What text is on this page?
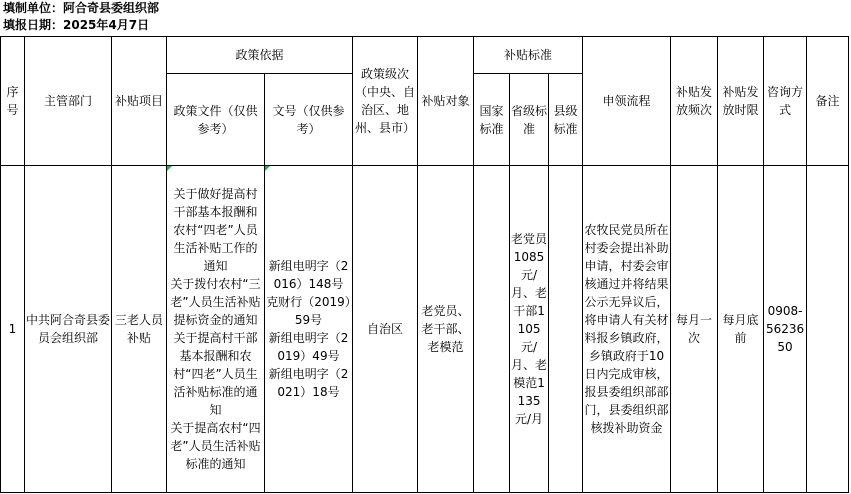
填制单位：阿合奇县委组织部
填报日期：2025年4月7日
序号	主管部门	补贴项目	政策依据		政策级次（中央、自治区、地州、县市）	补贴对象	补贴标准			申领流程	补贴发放频次	补贴发放时限	咨询方式	备注
			政策文件（仅供参考）	文号（仅供参考）			国家标准	省级标准	县级标准					
1	中共阿合奇县委员会组织部	三老人员补贴	关于做好提高村干部基本报酬和农村“四老”人员生活补贴工作的通知
关于拨付农村“三老”人员生活补贴提标资金的通知
关于提高村干部基本报酬和农村“四老”人员生活补贴标准的通知
关于提高农村“四老”人员生活补贴标准的通知	新组电明字（2016）148号
克财行（2019）59号
新组电明字（2019）49号
新组电明字（2021）18号	自治区	老党员、老干部、老模范		老党员1085元/月、老干部1105元/月、老模范1135元/月		农牧民党员所在村委会提出补助申请，村委会审核通过并将结果公示无异议后，将申请人有关材料报乡镇政府，乡镇政府于10日内完成审核，报县委组织部部门，县委组织部核拨补助资金	每月一次	每月底前	0908-5623650	
